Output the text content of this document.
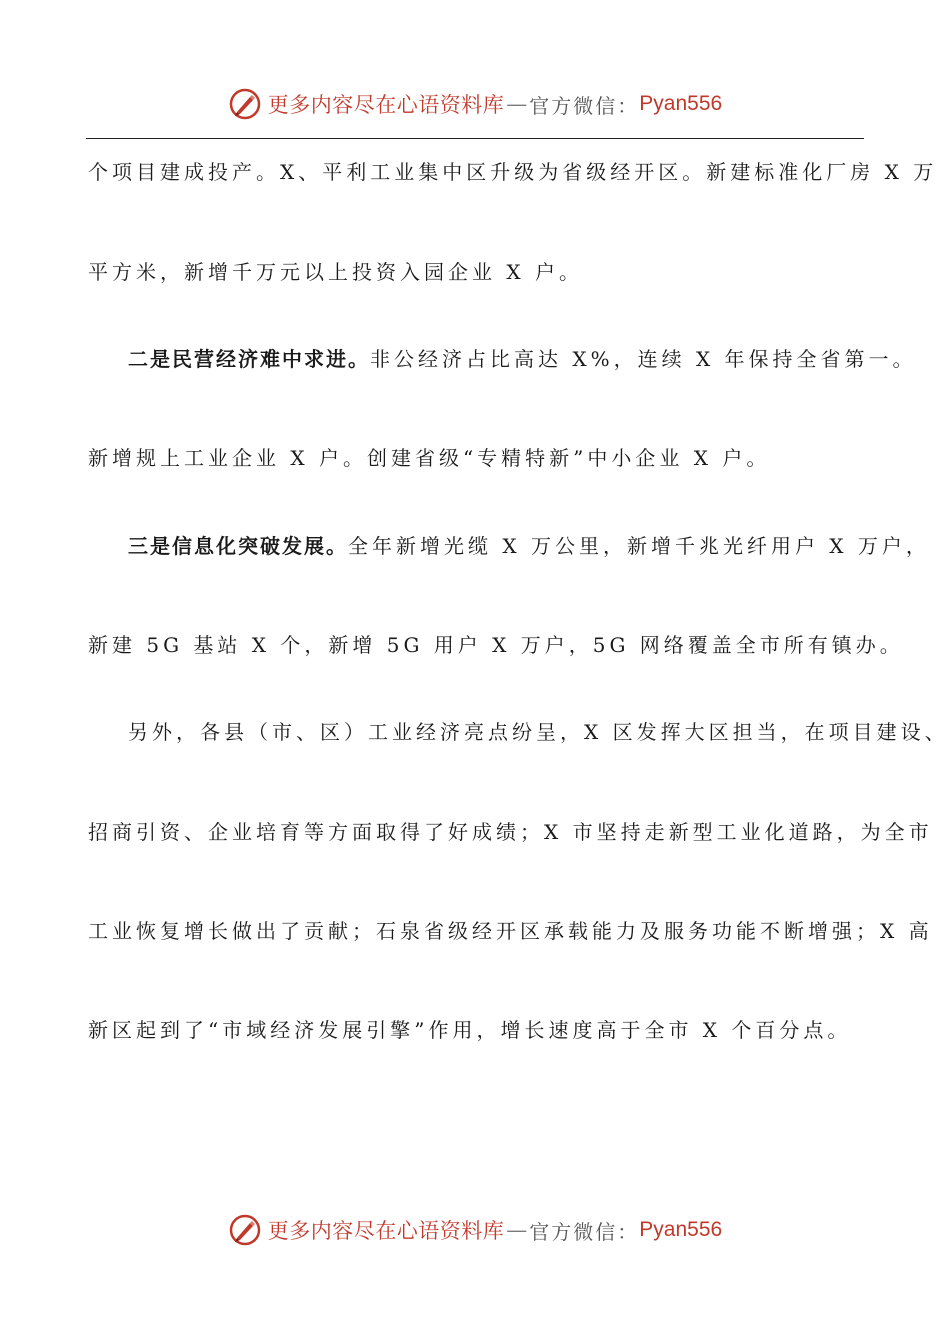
更多内容尽在心语资料库 — 官方微信： Pyan556
个项目建成投产。X、平利工业集中区升级为省级经开区。新建标准化厂房 X 万
平方米，新增千万元以上投资入园企业 X 户。
二是民营经济难中求进。非公经济占比高达 X%，连续 X 年保持全省第一。
新增规上工业企业 X 户。创建省级“专精特新”中小企业 X 户。
三是信息化突破发展。全年新增光缆 X 万公里，新增千兆光纤用户 X 万户，
新建 5G 基站 X 个，新增 5G 用户 X 万户，5G 网络覆盖全市所有镇办。
另外，各县（市、区）工业经济亮点纷呈，X 区发挥大区担当，在项目建设、
招商引资、企业培育等方面取得了好成绩；X 市坚持走新型工业化道路，为全市
工业恢复增长做出了贡献；石泉省级经开区承载能力及服务功能不断增强；X 高
新区起到了“市域经济发展引擎”作用，增长速度高于全市 X 个百分点。
更多内容尽在心语资料库 — 官方微信： Pyan556
